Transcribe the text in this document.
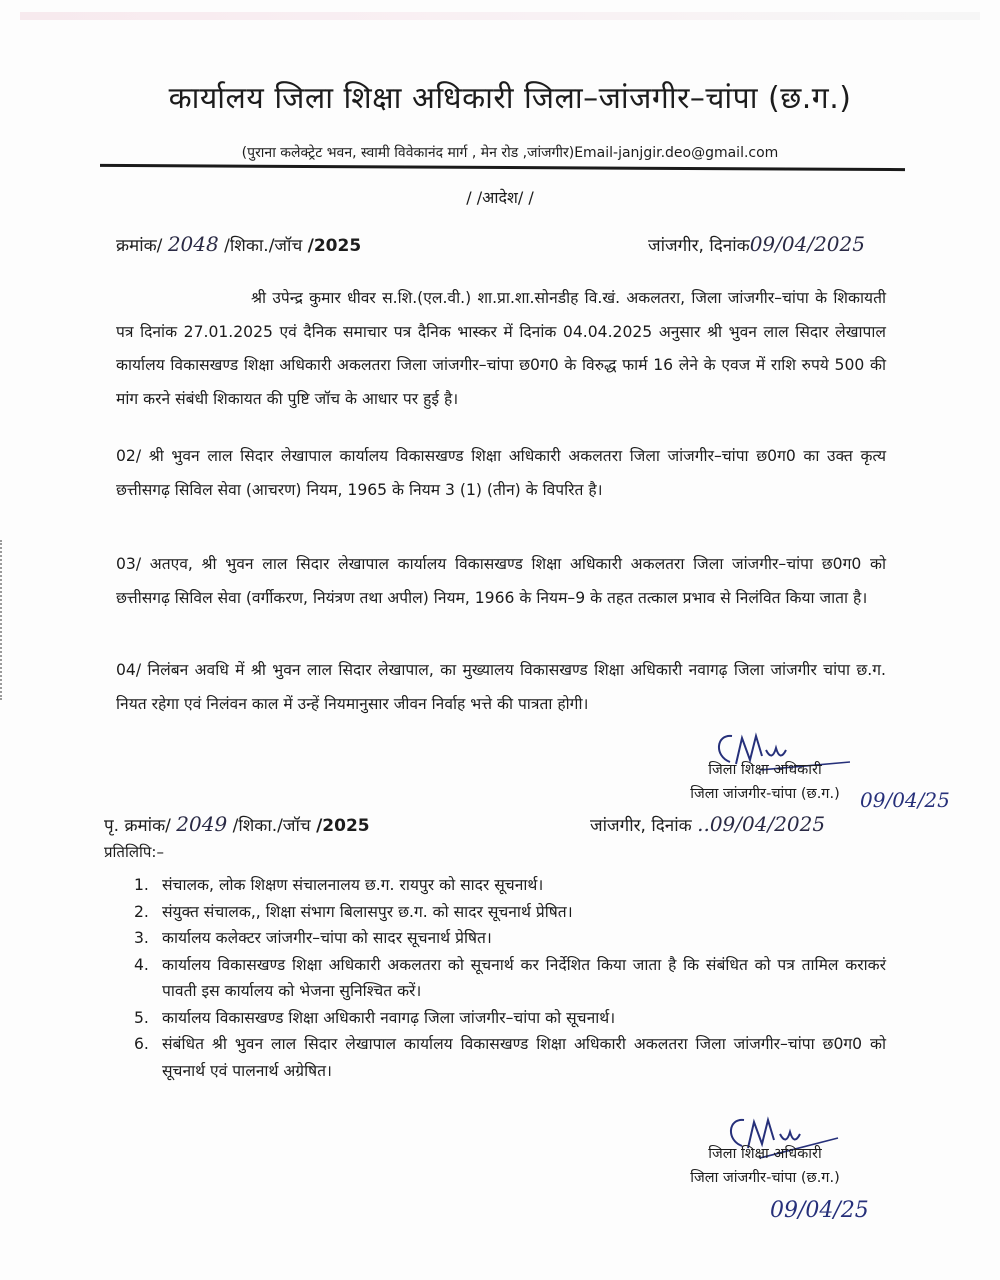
कार्यालय जिला शिक्षा अधिकारी जिला–जांजगीर–चांपा (छ.ग.)
(पुराना कलेक्ट्रेट भवन, स्वामी विवेकानंद मार्ग , मेन रोड ,जांजगीर)Email-janjgir.deo@gmail.com
/ /आदेश/ /
क्रमांक/ 2048 /शिका./जॉच /2025	जांजगीर, दिनांक09/04/2025
श्री उपेन्द्र कुमार धीवर स.शि.(एल.वी.) शा.प्रा.शा.सोनडीह वि.खं. अकलतरा, जिला जांजगीर–चांपा के शिकायती पत्र दिनांक 27.01.2025 एवं दैनिक समाचार पत्र दैनिक भास्कर में दिनांक 04.04.2025 अनुसार श्री भुवन लाल सिदार लेखापाल कार्यालय विकासखण्ड शिक्षा अधिकारी अकलतरा जिला जांजगीर–चांपा छ0ग0 के विरुद्ध फार्म 16 लेने के एवज में राशि रुपये 500 की मांग करने संबंधी शिकायत की पुष्टि जॉच के आधार पर हुई है।
02/ श्री भुवन लाल सिदार लेखापाल कार्यालय विकासखण्ड शिक्षा अधिकारी अकलतरा जिला जांजगीर–चांपा छ0ग0 का उक्त कृत्य छत्तीसगढ़ सिविल सेवा (आचरण) नियम, 1965 के नियम 3 (1) (तीन) के विपरित है।
03/ अतएव, श्री भुवन लाल सिदार लेखापाल कार्यालय विकासखण्ड शिक्षा अधिकारी अकलतरा जिला जांजगीर–चांपा छ0ग0 को छत्तीसगढ़ सिविल सेवा (वर्गीकरण, नियंत्रण तथा अपील) नियम, 1966 के नियम–9 के तहत तत्काल प्रभाव से निलंवित किया जाता है।
04/ निलंबन अवधि में श्री भुवन लाल सिदार लेखापाल, का मुख्यालय विकासखण्ड शिक्षा अधिकारी नवागढ़ जिला जांजगीर चांपा छ.ग. नियत रहेगा एवं निलंवन काल में उन्हें नियमानुसार जीवन निर्वाह भत्ते की पात्रता होगी।
जिला शिक्षा अधिकारी
जिला जांजगीर-चांपा (छ.ग.)	09/04/25
पृ. क्रमांक/ 2049 /शिका./जॉच /2025	जांजगीर, दिनांक ..09/04/2025
प्रतिलिपि:–
1. संचालक, लोक शिक्षण संचालनालय छ.ग. रायपुर को सादर सूचनार्थ।
2. संयुक्त संचालक,, शिक्षा संभाग बिलासपुर छ.ग. को सादर सूचनार्थ प्रेषित।
3. कार्यालय कलेक्टर जांजगीर–चांपा को सादर सूचनार्थ प्रेषित।
4. कार्यालय विकासखण्ड शिक्षा अधिकारी अकलतरा को सूचनार्थ कर निर्देशित किया जाता है कि संबंधित को पत्र तामिल कराकरं पावती इस कार्यालय को भेजना सुनिश्चित करें।
5. कार्यालय विकासखण्ड शिक्षा अधिकारी नवागढ़ जिला जांजगीर–चांपा को सूचनार्थ।
6. संबंधित श्री भुवन लाल सिदार लेखापाल कार्यालय विकासखण्ड शिक्षा अधिकारी अकलतरा जिला जांजगीर–चांपा छ0ग0 को सूचनार्थ एवं पालनार्थ अग्रेषित।
जिला शिक्षा अधिकारी
जिला जांजगीर-चांपा (छ.ग.)
09/04/25
